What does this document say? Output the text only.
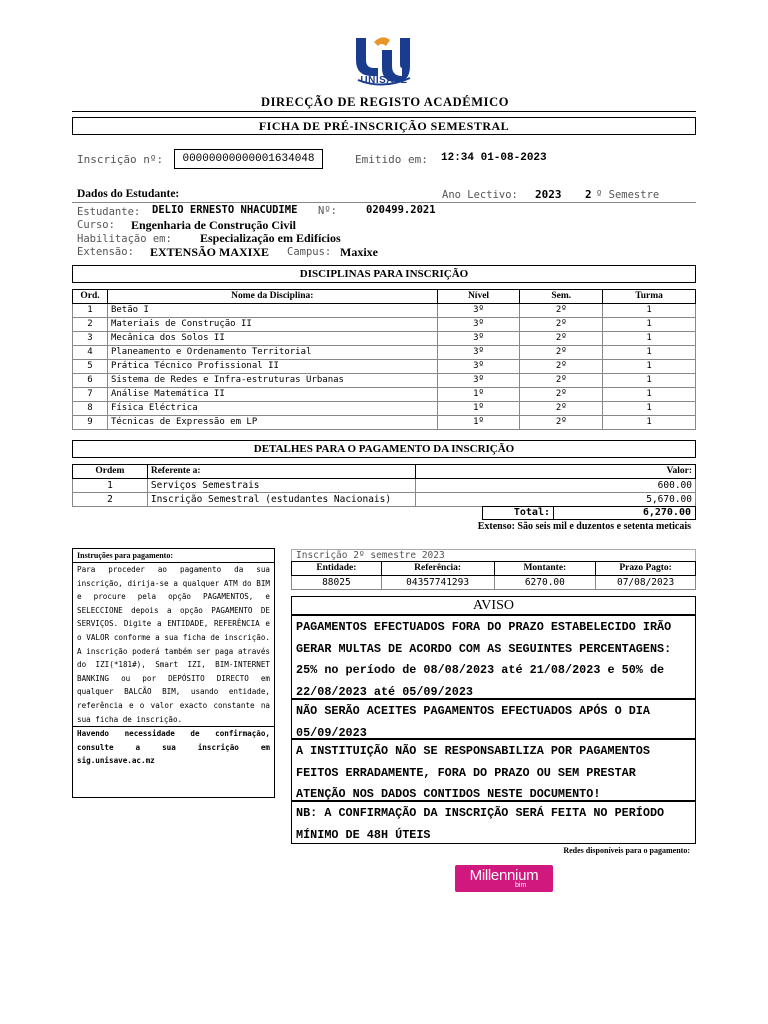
UNISAVE
DIRECÇÃO DE REGISTO ACADÉMICO
FICHA DE PRÉ-INSCRIÇÃO SEMESTRAL
Inscrição nº:	00000000000001634048	Emitido em: 12:34 01-08-2023
Dados do Estudante:	Ano Lectivo: 2023 2 º Semestre
Estudante: DELIO ERNESTO NHACUDIME Nº:	020499.2021
Curso: Engenharia de Construção Civil
Habilitação em: Especialização em Edifícios
Extensão: EXTENSÃO MAXIXE Campus: Maxixe
DISCIPLINAS PARA INSCRIÇÃO
Ord.	Nome da Disciplina:	Nível	Sem.	Turma
1	Betão I	3º	2º	1
2	Materiais de Construção II	3º	2º	1
3	Mecânica dos Solos II	3º	2º	1
4	Planeamento e Ordenamento Territorial	3º	2º	1
5	Prática Técnico Profissional II	3º	2º	1
6	Sistema de Redes e Infra-estruturas Urbanas	3º	2º	1
7	Análise Matemática II	1º	2º	1
8	Física Eléctrica	1º	2º	1
9	Técnicas de Expressão em LP	1º	2º	1
DETALHES PARA O PAGAMENTO DA INSCRIÇÃO
Ordem	Referente a:	Valor:
1	Serviços Semestrais	600.00
2	Inscrição Semestral (estudantes Nacionais)	5,670.00
Total:	6,270.00
Extenso: São seis mil e duzentos e setenta meticais
Instruções para pagamento:
Para proceder ao pagamento da sua inscrição, dirija-se a qualquer ATM do BIM e procure pela opção PAGAMENTOS, e SELECCIONE depois a opção PAGAMENTO DE SERVIÇOS. Digite a ENTIDADE, REFERÊNCIA e o VALOR conforme a sua ficha de inscrição. A inscrição poderá também ser paga através do IZI(*181#), Smart IZI, BIM-INTERNET BANKING ou por DEPÓSITO DIRECTO em qualquer BALCÃO BIM, usando entidade, referência e o valor exacto constante na sua ficha de inscrição.
Havendo necessidade de confirmação, consulte a sua inscrição em sig.unisave.ac.mz
Inscrição 2º semestre 2023
Entidade:	Referência:	Montante:	Prazo Pagto:
88025	04357741293	6270.00	07/08/2023
AVISO
PAGAMENTOS EFECTUADOS FORA DO PRAZO ESTABELECIDO IRÃO GERAR MULTAS DE ACORDO COM AS SEGUINTES PERCENTAGENS: 25% no período de 08/08/2023 até 21/08/2023 e 50% de 22/08/2023 até 05/09/2023
NÃO SERÃO ACEITES PAGAMENTOS EFECTUADOS APÓS O DIA 05/09/2023
A INSTITUIÇÃO NÃO SE RESPONSABILIZA POR PAGAMENTOS FEITOS ERRADAMENTE, FORA DO PRAZO OU SEM PRESTAR ATENÇÃO NOS DADOS CONTIDOS NESTE DOCUMENTO!
NB: A CONFIRMAÇÃO DA INSCRIÇÃO SERÁ FEITA NO PERÍODO MÍNIMO DE 48H ÚTEIS
Redes disponíveis para o pagamento:
Millennium
bim
